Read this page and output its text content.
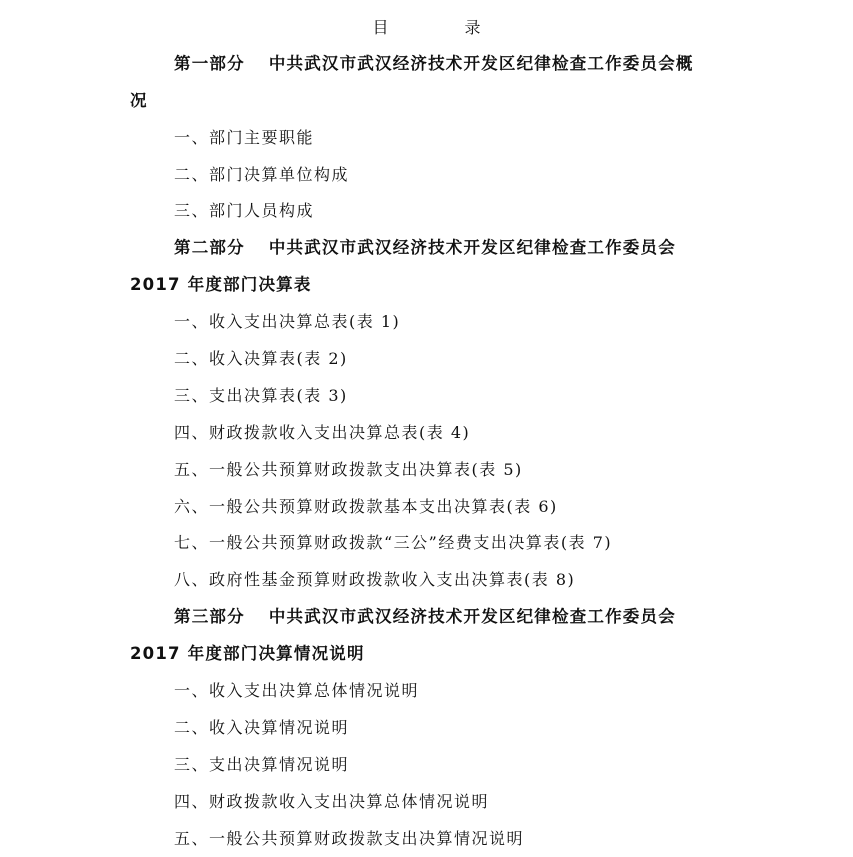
目　录
第一部分 中共武汉市武汉经济技术开发区纪律检查工作委员会概
况
一、部门主要职能
二、部门决算单位构成
三、部门人员构成
第二部分 中共武汉市武汉经济技术开发区纪律检查工作委员会
2017 年度部门决算表
一、收入支出决算总表(表 1)
二、收入决算表(表 2)
三、支出决算表(表 3)
四、财政拨款收入支出决算总表(表 4)
五、一般公共预算财政拨款支出决算表(表 5)
六、一般公共预算财政拨款基本支出决算表(表 6)
七、一般公共预算财政拨款“三公”经费支出决算表(表 7)
八、政府性基金预算财政拨款收入支出决算表(表 8)
第三部分 中共武汉市武汉经济技术开发区纪律检查工作委员会
2017 年度部门决算情况说明
一、收入支出决算总体情况说明
二、收入决算情况说明
三、支出决算情况说明
四、财政拨款收入支出决算总体情况说明
五、一般公共预算财政拨款支出决算情况说明
